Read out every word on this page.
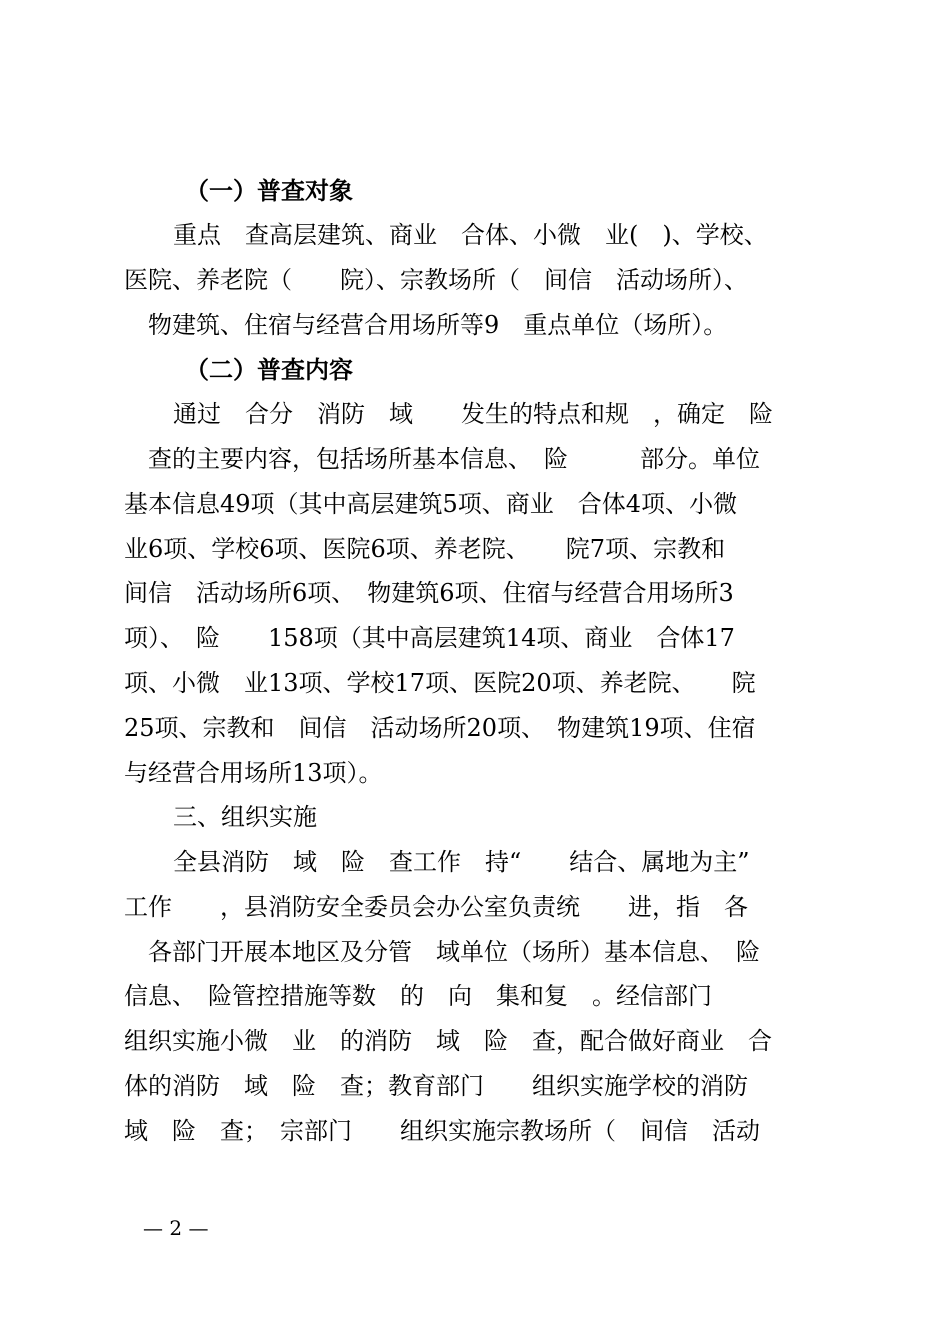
（一）普查对象
重点　查高层建筑、商业　合体、小微　业(　)、学校、
医院、养老院（　　院）、宗教场所（　间信　活动场所）、
　物建筑、住宿与经营合用场所等9　重点单位（场所）。
（二）普查内容
通过　合分　消防　域　　发生的特点和规　，确定　险
　查的主要内容，包括场所基本信息、　险　　　部分。单位
基本信息49项（其中高层建筑5项、商业　合体4项、小微
业6项、学校6项、医院6项、养老院、　　院7项、宗教和
间信　活动场所6项、　物建筑6项、住宿与经营合用场所3
项）、　险　　158项（其中高层建筑14项、商业　合体17
项、小微　业13项、学校17项、医院20项、养老院、　　院
25项、宗教和　间信　活动场所20项、　物建筑19项、住宿
与经营合用场所13项）。
三、组织实施
全县消防　域　险　查工作　持“　　结合、属地为主”
工作　　，县消防安全委员会办公室负责统　　进，指　各
　各部门开展本地区及分管　域单位（场所）基本信息、　险
信息、　险管控措施等数　的　向　集和复　。经信部门
组织实施小微　业　的消防　域　险　查，配合做好商业　合
体的消防　域　险　查；教育部门　　组织实施学校的消防
域　险　查；　宗部门　　组织实施宗教场所（　间信　活动
— 2 —
